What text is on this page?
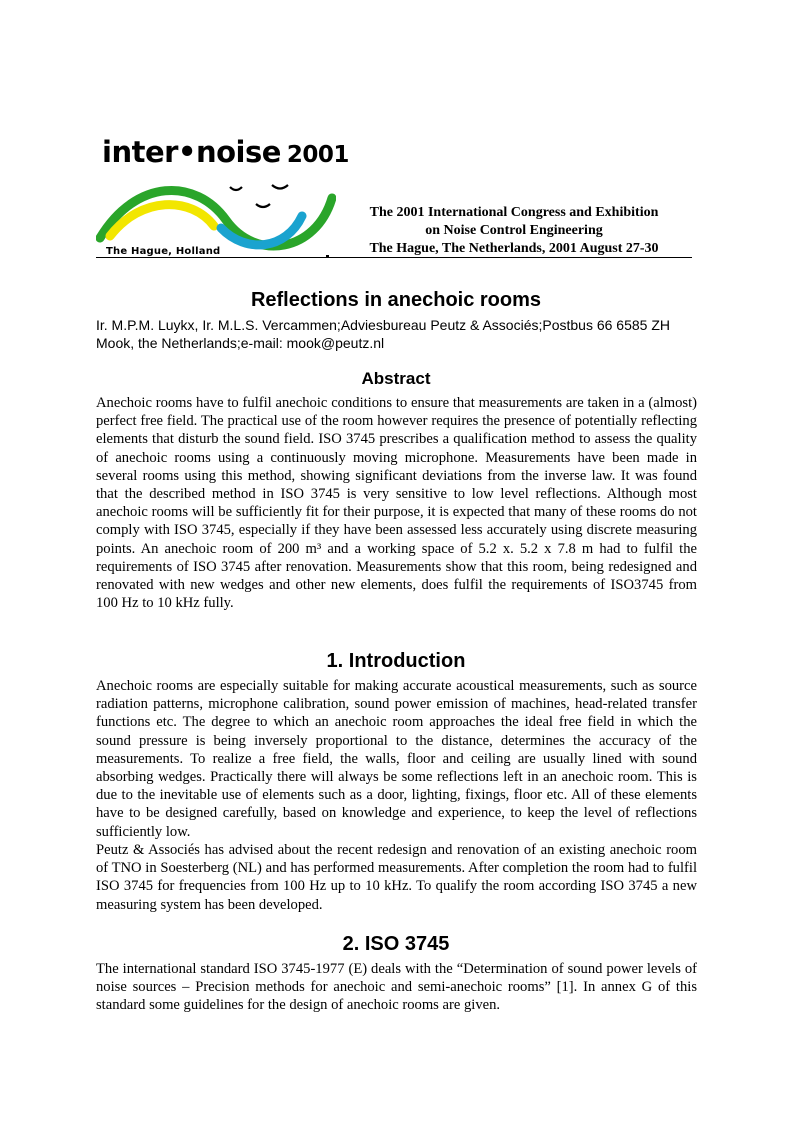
inter•noise 2001
The Hague, Holland
The 2001 International Congress and Exhibition
on Noise Control Engineering
The Hague, The Netherlands, 2001 August 27-30
Reflections in anechoic rooms
Ir. M.P.M. Luykx, Ir. M.L.S. Vercammen;Adviesbureau Peutz & Associés;Postbus 66 6585 ZH Mook, the Netherlands;e-mail: mook@peutz.nl
Abstract

Anechoic rooms have to fulfil anechoic conditions to ensure that measurements are taken in a (almost) perfect free field. The practical use of the room however requires the presence of potentially reflecting elements that disturb the sound field. ISO 3745 prescribes a qualification method to assess the quality of anechoic rooms using a continuously moving microphone. Measurements have been made in several rooms using this method, showing significant deviations from the inverse law. It was found that the described method in ISO 3745 is very sensitive to low level reflections. Although most anechoic rooms will be sufficiently fit for their purpose, it is expected that many of these rooms do not comply with ISO 3745, especially if they have been assessed less accurately using discrete measuring points. An anechoic room of 200 m³ and a working space of 5.2 x. 5.2 x 7.8 m had to fulfil the requirements of ISO 3745 after renovation. Measurements show that this room, being redesigned and renovated with new wedges and other new elements, does fulfil the requirements of ISO3745 from 100 Hz to 10 kHz fully.

1. Introduction

Anechoic rooms are especially suitable for making accurate acoustical measurements, such as source radiation patterns, microphone calibration, sound power emission of machines, head-related transfer functions etc. The degree to which an anechoic room approaches the ideal free field in which the sound pressure is being inversely proportional to the distance, determines the accuracy of the measurements. To realize a free field, the walls, floor and ceiling are usually lined with sound absorbing wedges. Practically there will always be some reflections left in an anechoic room. This is due to the inevitable use of elements such as a door, lighting, fixings, floor etc. All of these elements have to be designed carefully, based on knowledge and experience, to keep the level of reflections sufficiently low.

Peutz & Associés has advised about the recent redesign and renovation of an existing anechoic room of TNO in Soesterberg (NL) and has performed measurements. After completion the room had to fulfil ISO 3745 for frequencies from 100 Hz up to 10 kHz. To qualify the room according ISO 3745 a new measuring system has been developed.

2. ISO 3745

The international standard ISO 3745-1977 (E) deals with the “Determination of sound power levels of noise sources – Precision methods for anechoic and semi-anechoic rooms” [1]. In annex G of this standard some guidelines for the design of anechoic rooms are given.
